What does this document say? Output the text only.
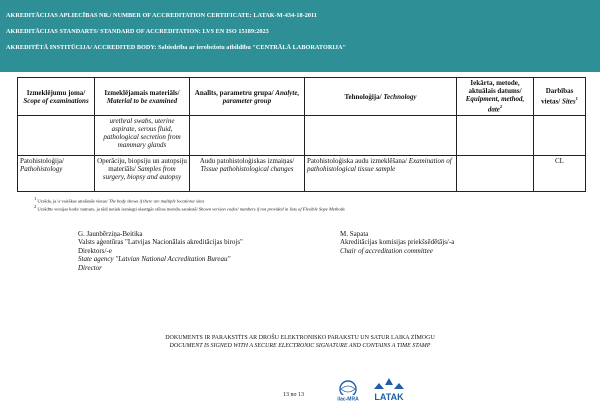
AKREDITĀCIJAS APLIECĪBAS NR./ NUMBER OF ACCREDITATION CERTIFICATE: LATAK-M-434-18-2011
AKREDITĀCIJAS STANDARTS/ STANDARD OF ACCREDITATION: LVS EN ISO 15189:2023
AKREDITĒTĀ INSTITŪCIJA/ ACCREDITED BODY: Sabiedrība ar ierobežotu atbildību "CENTRĀLĀ LABORATORIJA"
Izmeklējumu joma/ Scope of examinations	Izmeklējamais materiāls/ Material to be examined	Analīts, parametru grupa/ Analyte, parameter group	Tehnoloģija/ Technology	Iekārta, metode, aktuālais datums/ Equipment, method, date$^2$	Darbības vietas/ Sites$^1$
	urethral swabs, uterine aspirate, serous fluid, pathological secretion from mammary glands				
Patohistoloģija/
Pathohistology	Operāciju, biopsiju un autopsiju materiāls/ Samples from surgery, biopsy and autopsy	Audu patohistoloģiskas izmaiņas/ Tissue pathohistological changes	Patohistoloģiska audu izmeklēšana/ Examination of pathohistological tissue sample		CL
$^1$ Uzrāda, ja ir vairākas atrašanās vietas/ The body shows if there are multiple locations/ sites
$^2$ Uzrādīts versijas kods/ numurs, ja tādi netiek iesniegti elastīgās sfēras metožu sarakstā/ Shown version codes/ numbers if not provided in lists of Flexible Sope Methods
G. Jaunbērziņa-Beitika
Valsts aģentūras "Latvijas Nacionālais akreditācijas birojs"
Direktors/-e
State agency "Latvian National Accreditation Bureau"
Director
M. Sapata
Akreditācijas komisijas priekšsēdētājs/-a
Chair of accreditation committee
DOKUMENTS IR PARAKSTĪTS AR DROŠU ELEKTRONISKO PARAKSTU UN SATUR LAIKA ZĪMOGU
DOCUMENT IS SIGNED WITH A SECURE ELECTRONIC SIGNATURE AND CONTAINS A TIME STAMP
13 no 13
ilac-MRA LATAK
